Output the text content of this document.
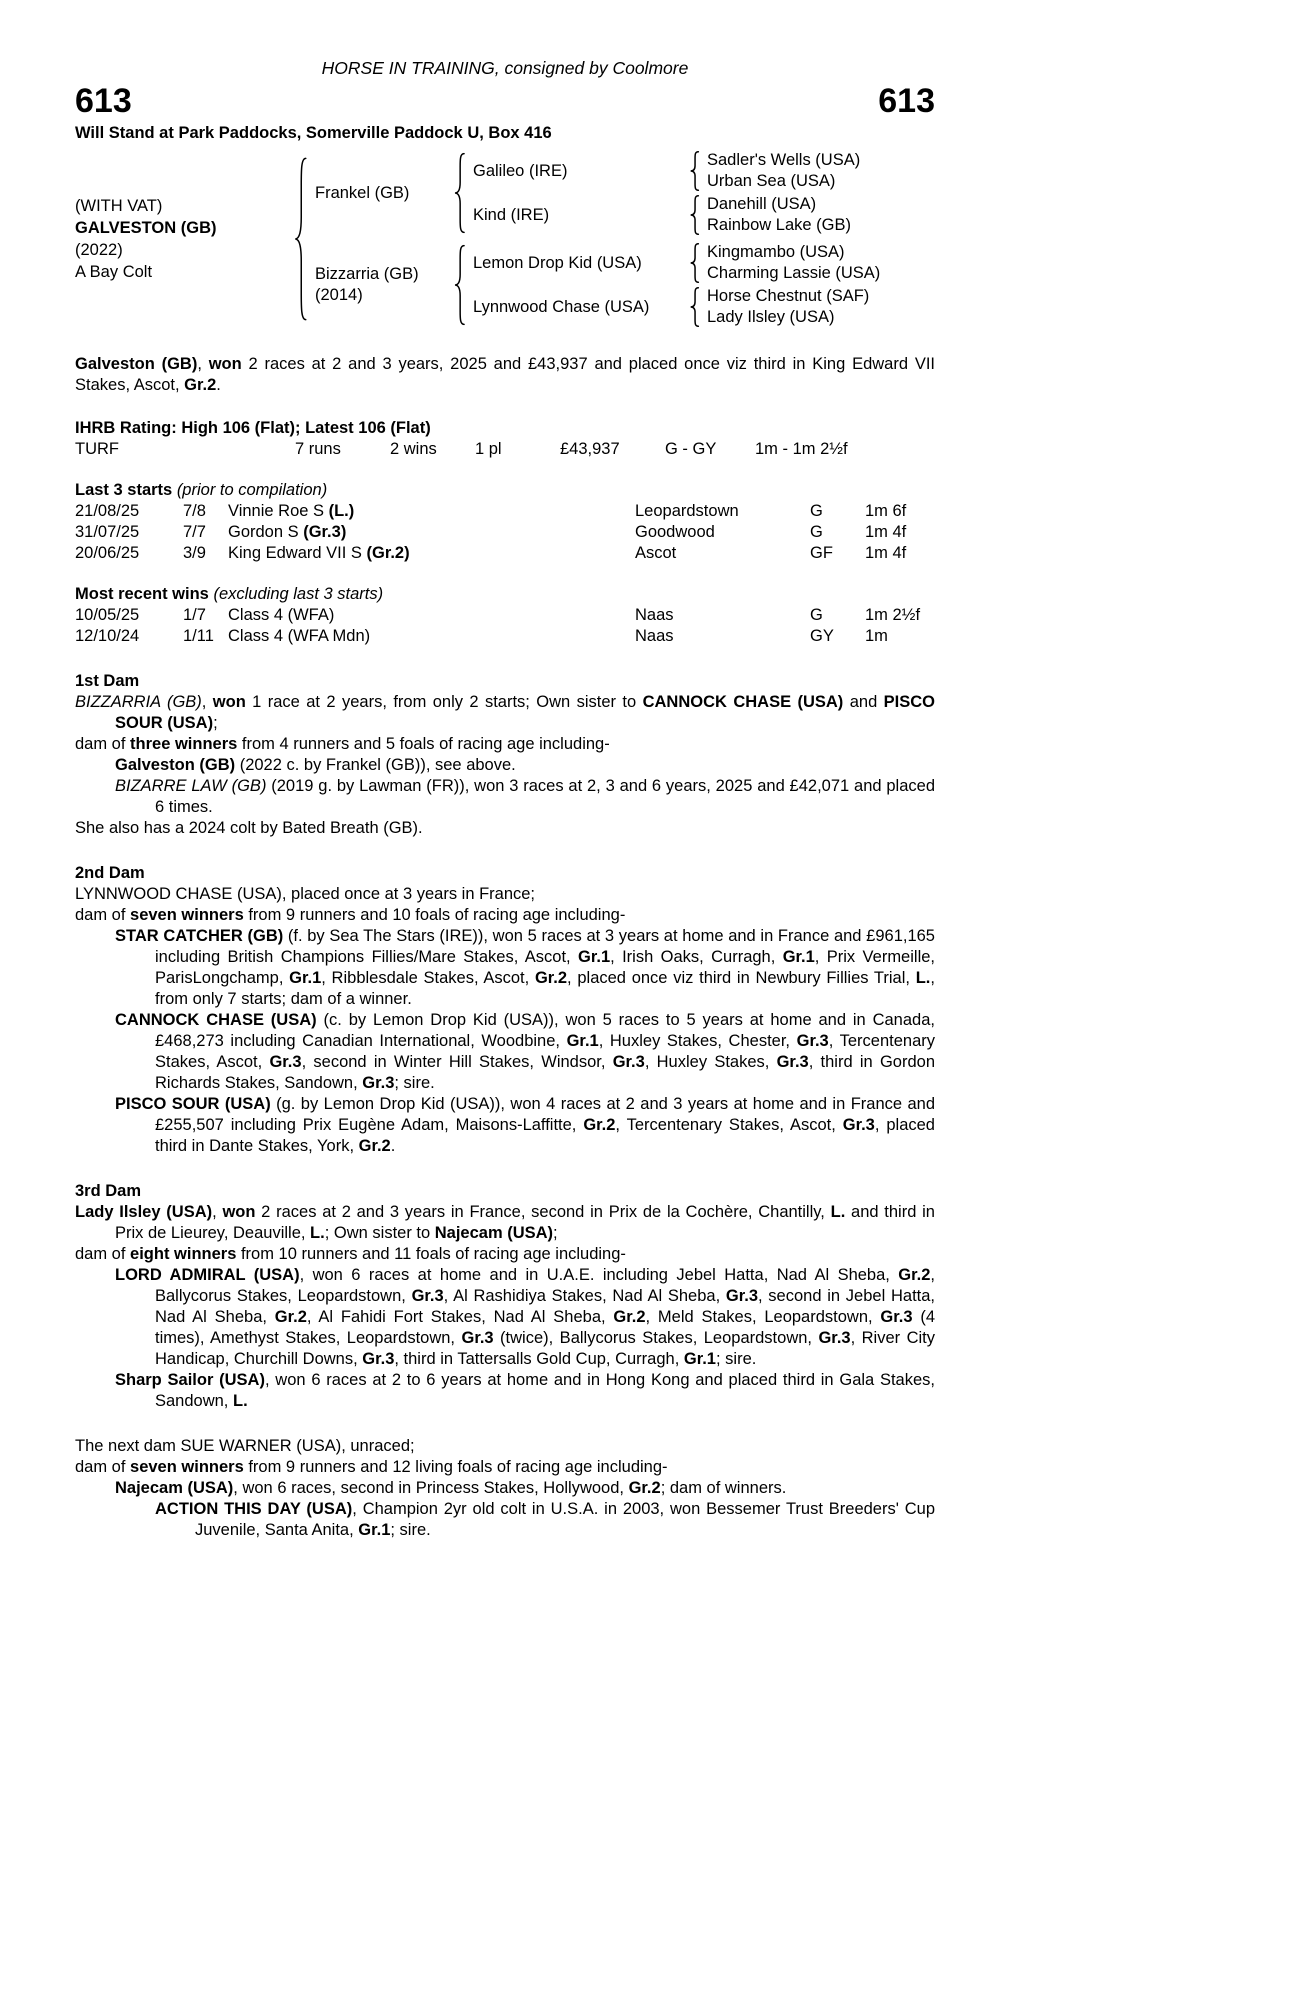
HORSE IN TRAINING, consigned by Coolmore
613	613
Will Stand at Park Paddocks, Somerville Paddock U, Box 416
(WITH VAT)
GALVESTON (GB)
(2022)
A Bay Colt
Frankel (GB)
Galileo (IRE)
Sadler's Wells (USA)
Urban Sea (USA)
Kind (IRE)
Danehill (USA)
Rainbow Lake (GB)
Bizzarria (GB)
(2014)
Lemon Drop Kid (USA)
Kingmambo (USA)
Charming Lassie (USA)
Lynnwood Chase (USA)
Horse Chestnut (SAF)
Lady Ilsley (USA)

Galveston (GB), won 2 races at 2 and 3 years, 2025 and £43,937 and placed once viz third in King Edward VII Stakes, Ascot, Gr.2.

IHRB Rating: High 106 (Flat); Latest 106 (Flat)
TURF	7 runs	2 wins	1 pl	£43,937	G - GY	1m - 1m 2½f
Last 3 starts (prior to compilation)
21/08/25	7/8	Vinnie Roe S (L.)	Leopardstown	G	1m 6f
31/07/25	7/7	Gordon S (Gr.3)	Goodwood	G	1m 4f
20/06/25	3/9	King Edward VII S (Gr.2)	Ascot	GF	1m 4f
Most recent wins (excluding last 3 starts)
10/05/25	1/7	Class 4 (WFA)	Naas	G	1m 2½f
12/10/24	1/11 Class 4 (WFA Mdn)	Naas	GY	1m
1st Dam

BIZZARRIA (GB), won 1 race at 2 years, from only 2 starts; Own sister to CANNOCK CHASE (USA) and PISCO SOUR (USA);

dam of three winners from 4 runners and 5 foals of racing age including-

Galveston (GB) (2022 c. by Frankel (GB)), see above.

BIZARRE LAW (GB) (2019 g. by Lawman (FR)), won 3 races at 2, 3 and 6 years, 2025 and £42,071 and placed 6 times.

She also has a 2024 colt by Bated Breath (GB).

2nd Dam

LYNNWOOD CHASE (USA), placed once at 3 years in France;

dam of seven winners from 9 runners and 10 foals of racing age including-

STAR CATCHER (GB) (f. by Sea The Stars (IRE)), won 5 races at 3 years at home and in France and £961,165 including British Champions Fillies/Mare Stakes, Ascot, Gr.1, Irish Oaks, Curragh, Gr.1, Prix Vermeille, ParisLongchamp, Gr.1, Ribblesdale Stakes, Ascot, Gr.2, placed once viz third in Newbury Fillies Trial, L., from only 7 starts; dam of a winner.

CANNOCK CHASE (USA) (c. by Lemon Drop Kid (USA)), won 5 races to 5 years at home and in Canada, £468,273 including Canadian International, Woodbine, Gr.1, Huxley Stakes, Chester, Gr.3, Tercentenary Stakes, Ascot, Gr.3, second in Winter Hill Stakes, Windsor, Gr.3, Huxley Stakes, Gr.3, third in Gordon Richards Stakes, Sandown, Gr.3; sire.

PISCO SOUR (USA) (g. by Lemon Drop Kid (USA)), won 4 races at 2 and 3 years at home and in France and £255,507 including Prix Eugène Adam, Maisons-Laffitte, Gr.2, Tercentenary Stakes, Ascot, Gr.3, placed third in Dante Stakes, York, Gr.2.

3rd Dam

Lady Ilsley (USA), won 2 races at 2 and 3 years in France, second in Prix de la Cochère, Chantilly, L. and third in Prix de Lieurey, Deauville, L.; Own sister to Najecam (USA);

dam of eight winners from 10 runners and 11 foals of racing age including-

LORD ADMIRAL (USA), won 6 races at home and in U.A.E. including Jebel Hatta, Nad Al Sheba, Gr.2, Ballycorus Stakes, Leopardstown, Gr.3, Al Rashidiya Stakes, Nad Al Sheba, Gr.3, second in Jebel Hatta, Nad Al Sheba, Gr.2, Al Fahidi Fort Stakes, Nad Al Sheba, Gr.2, Meld Stakes, Leopardstown, Gr.3 (4 times), Amethyst Stakes, Leopardstown, Gr.3 (twice), Ballycorus Stakes, Leopardstown, Gr.3, River City Handicap, Churchill Downs, Gr.3, third in Tattersalls Gold Cup, Curragh, Gr.1; sire.

Sharp Sailor (USA), won 6 races at 2 to 6 years at home and in Hong Kong and placed third in Gala Stakes, Sandown, L.

The next dam SUE WARNER (USA), unraced;

dam of seven winners from 9 runners and 12 living foals of racing age including-

Najecam (USA), won 6 races, second in Princess Stakes, Hollywood, Gr.2; dam of winners.

ACTION THIS DAY (USA), Champion 2yr old colt in U.S.A. in 2003, won Bessemer Trust Breeders' Cup Juvenile, Santa Anita, Gr.1; sire.
